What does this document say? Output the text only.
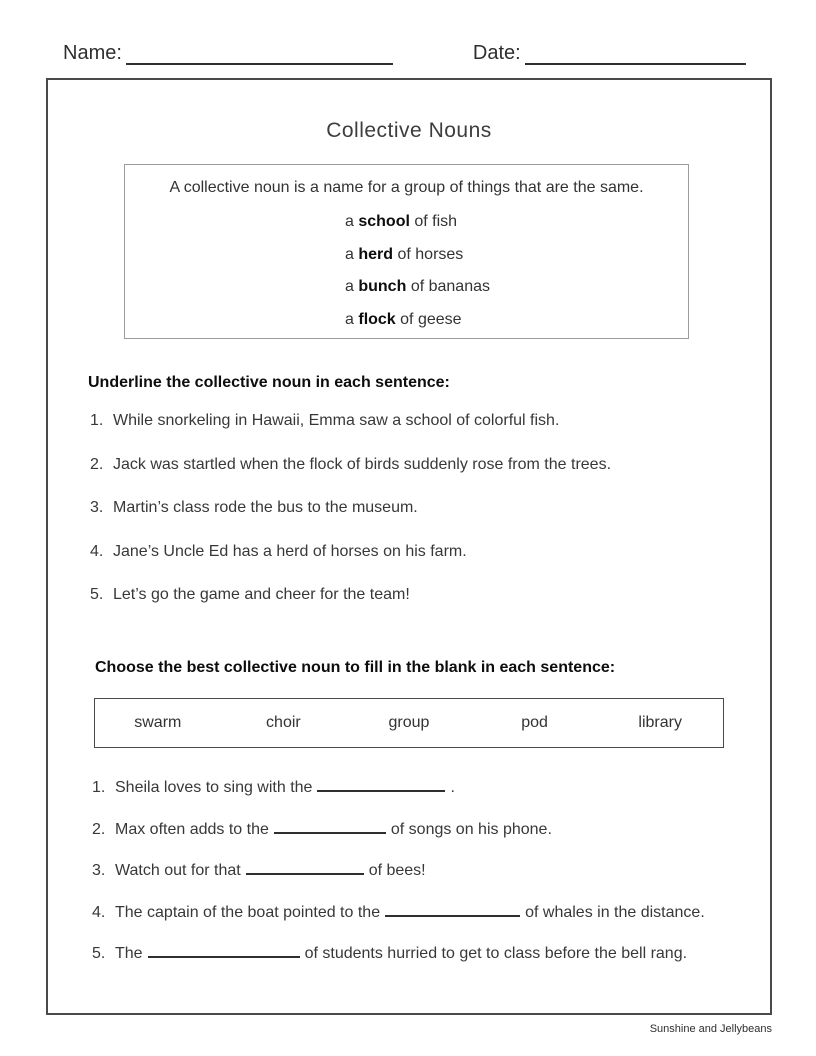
Name:	Date:
Collective Nouns
A collective noun is a name for a group of things that are the same.
a school of fish
a herd of horses
a bunch of bananas
a flock of geese
Underline the collective noun in each sentence:
1. While snorkeling in Hawaii, Emma saw a school of colorful fish.
2. Jack was startled when the flock of birds suddenly rose from the trees.
3. Martin’s class rode the bus to the museum.
4. Jane’s Uncle Ed has a herd of horses on his farm.
5. Let’s go the game and cheer for the team!
Choose the best collective noun to fill in the blank in each sentence:
swarm	choir	group	pod	library
1. Sheila loves to sing with the	.
2. Max often adds to the	of songs on his phone.
3. Watch out for that	of bees!
4. The captain of the boat pointed to the	of whales in the distance.
5. The	of students hurried to get to class before the bell rang.
Sunshine and Jellybeans
